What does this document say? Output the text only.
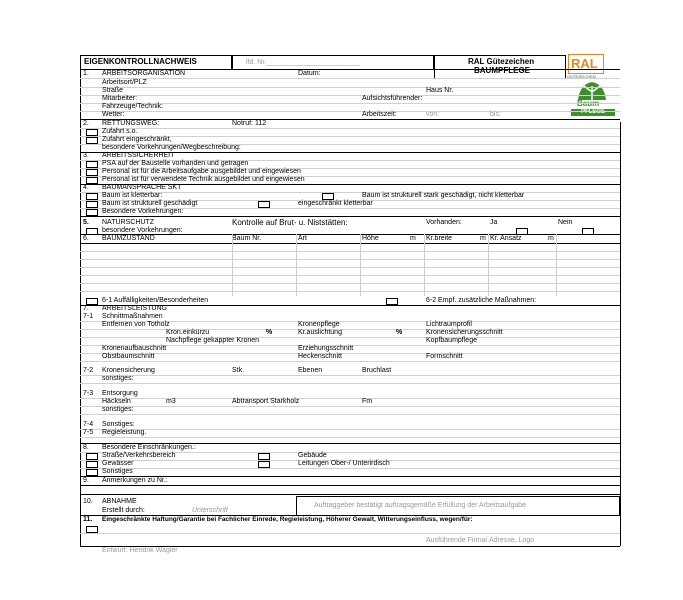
EIGENKONTROLLNACHWEIS	lfd. Nr.________________________	RAL Gütezeichen
BAUMPFLEGE	RAL
GÜTEZEICHEN
Baum
PFLEGE
1. ARBEITSORGANISATION	Datum:
Arbeitsort/PLZ
Straße	Haus Nr.
Mitarbeiter:	Aufsichtsführender:
Fahrzeuge/Technik:
Wetter:	Arbeitszeit:	von:	bis:
2. RETTUNGSWEG:	Notruf: 112
Zufahrt s.o.
Zufahrt eingeschränkt,
besondere Vorkehrungen/Wegbeschreibung:
3. ARBEITSSICHERHEIT
PSA auf der Baustelle vorhanden und getragen
Personal ist für die Arbeitsaufgabe ausgebildet und eingewiesen
Personal ist für verwendete Technik ausgebildet und eingewiesen
4. BAUMANSPRACHE SKT
Baum ist kletterbar:	Baum ist strukturell stark geschädigt, nicht kletterbar
Baum ist strukturell geschädigt	eingeschränkt kletterbar
Besondere Vorkehrungen:
5. NATURSCHUTZ	Kontrolle auf Brut- u. Niststätten:	Vorhanden:	Ja	Nein
besondere Vorkehrungen:
6. BAUMZUSTAND	Baum Nr.	Art	Höhe	m Kr.breite	m Kr. Ansatz	m
6-1 Auffälligkeiten/Besonderheiten	6-2 Empf. zusätzliche Maßnahmen:
7. ARBEITSLEISTUNG
7-1 Schnittmaßnahmen
Entfernen von Totholz	Kronenpflege	Lichtraumprofil
Kron.einkürzu	%	Kr.auslichtung	%	Kronensicherungsschnitt
Nachpflege gekappter Kronen	Kopfbaumpflege
Kronenaufbauschnitt	Erziehungsschnitt
Obstbaumschnitt	Heckenschnitt	Formschnitt
7-2 Kronensicherung	Stk.	Ebenen	Bruchlast
sonstiges:
7-3 Entsorgung
Häckseln	m3	Abtransport Starkholz	Fm
sonstiges:
7-4 Sonstiges:
7-5 Regieleistung.
8. Besondere Einschränkungen.:
Straße/Verkehrsbereich	Gebäude
Gewässer	Leitungen Ober-/ Unterirdisch
Sonstiges
9. Anmerkungen zu Nr.:
10. ABNAHME
Erstellt durch:	Unterschrift
Auftraggeber bestätigt auftragsgemäße Erfüllung der Arbeitsaufgabe
11. Eingeschränkte Haftung/Garantie bei Fachlicher Einrede, Regieleistung, Höherer Gewalt, Witterungseinfluss, wegen/für:
Ausführende Firma/ Adresse, Logo
Entwurf: Hendrik Wagler
